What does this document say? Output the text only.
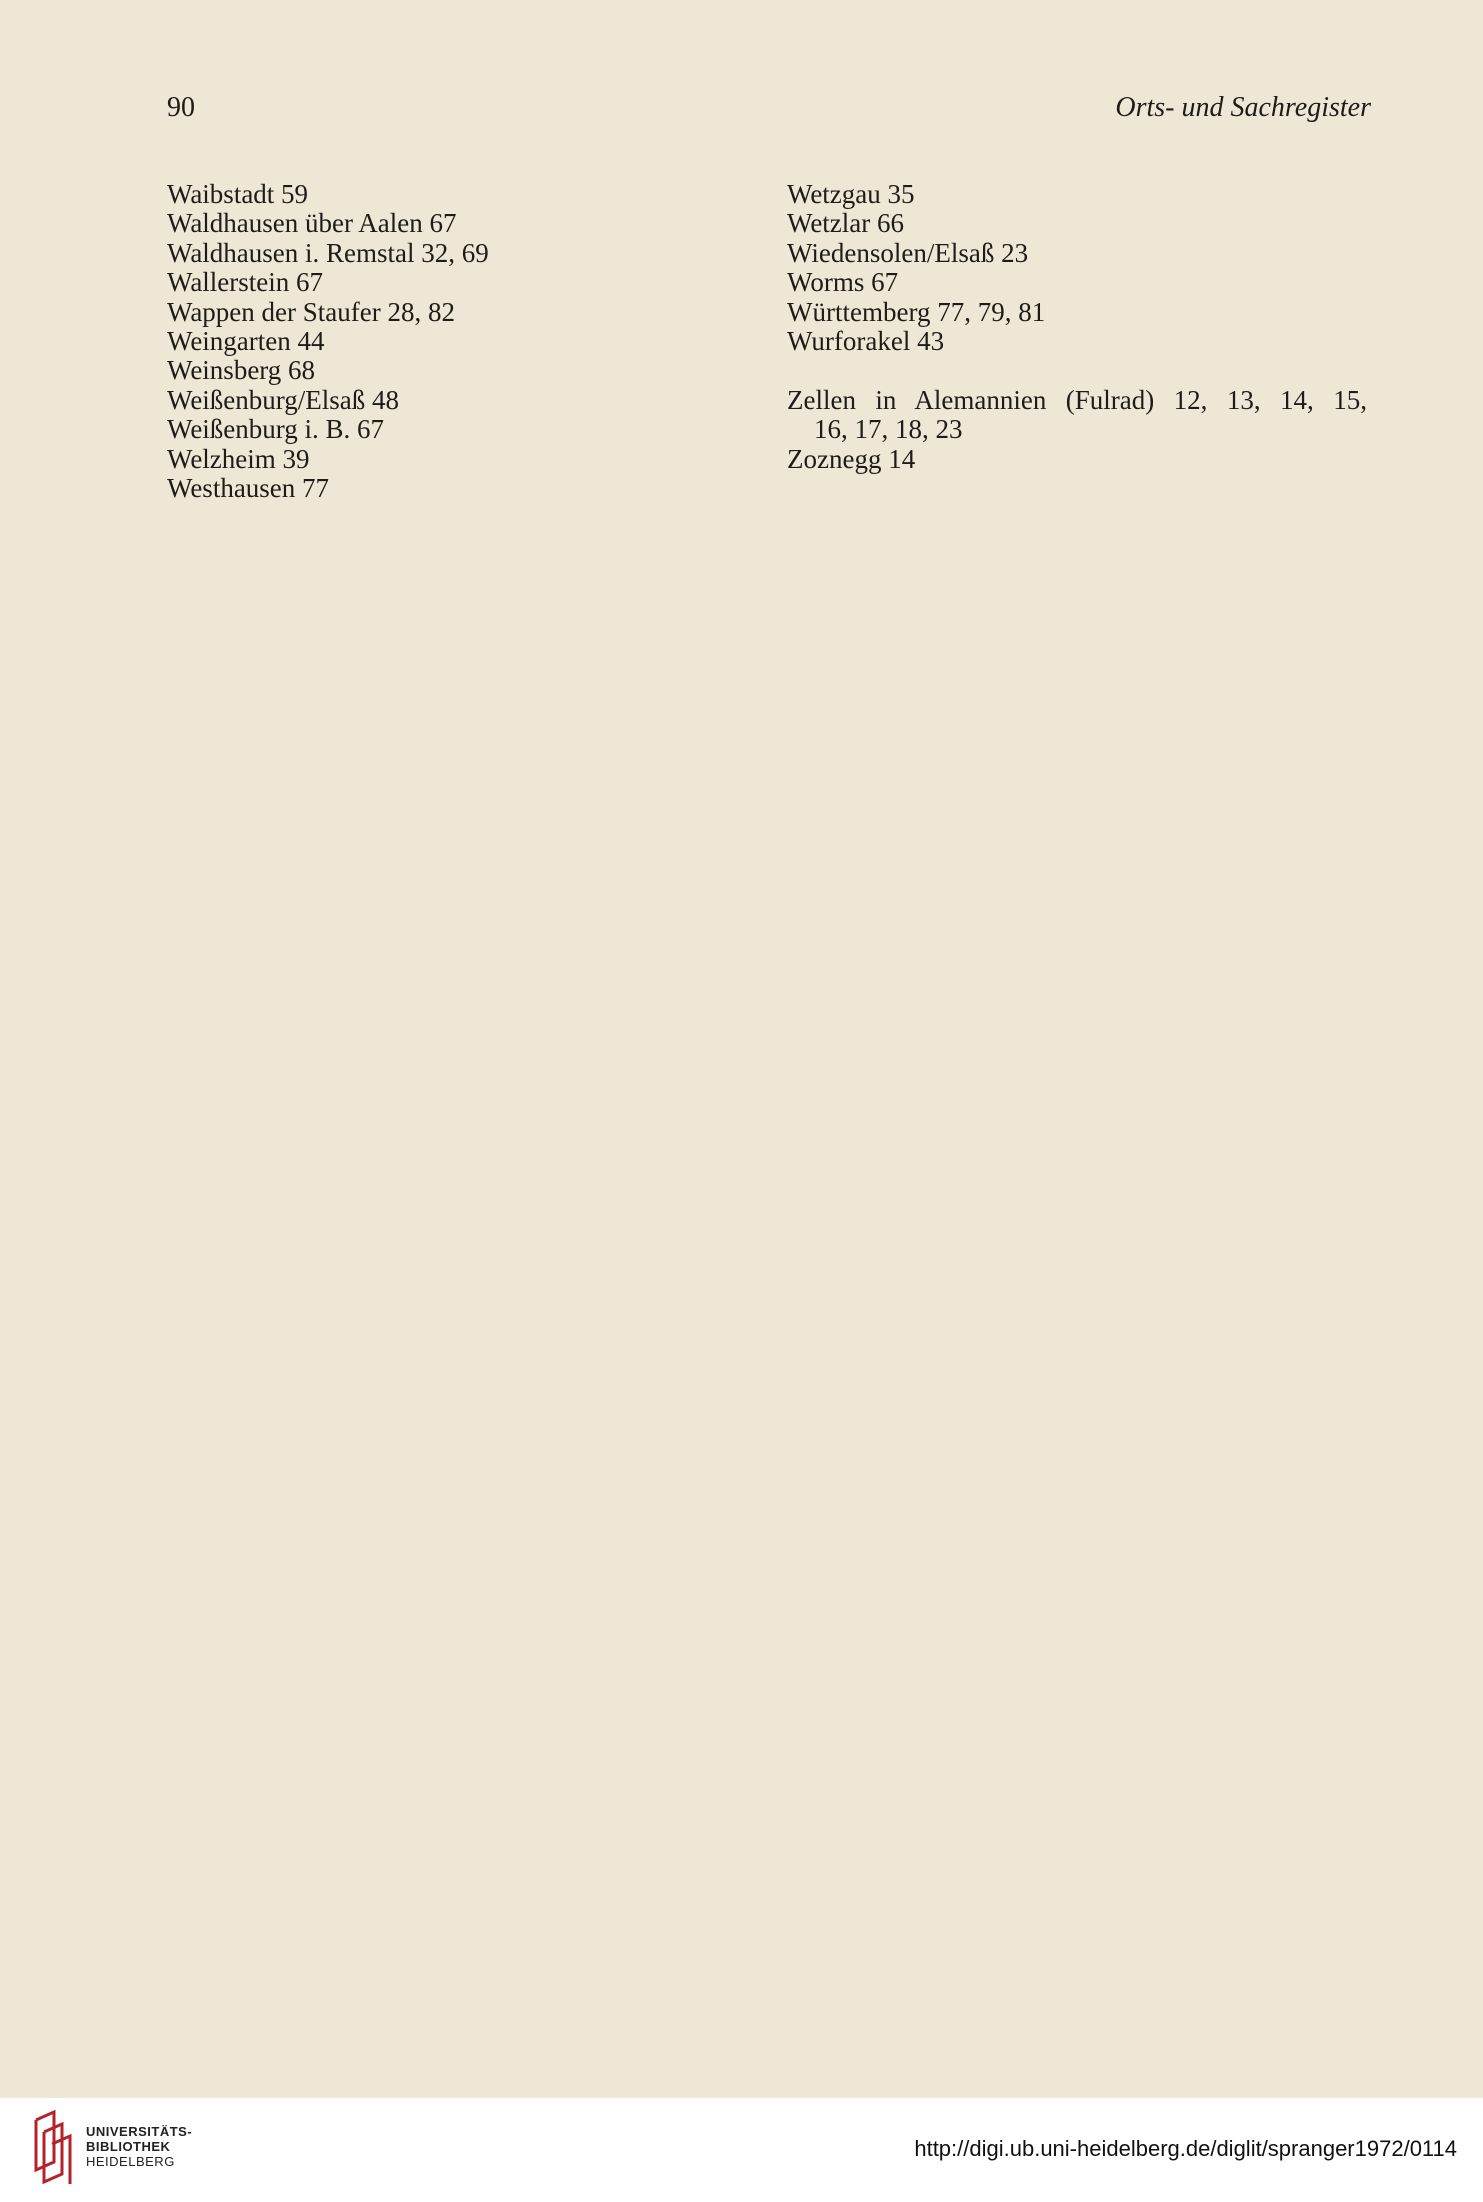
90	Orts- und Sachregister
Waibstadt 59
Waldhausen über Aalen 67
Waldhausen i. Remstal 32, 69
Wallerstein 67
Wappen der Staufer 28, 82
Weingarten 44
Weinsberg 68
Weißenburg/Elsaß 48
Weißenburg i. B. 67
Welzheim 39
Westhausen 77
Wetzgau 35
Wetzlar 66
Wiedensolen/Elsaß 23
Worms 67
Württemberg 77, 79, 81
Wurforakel 43
Zellen in Alemannien (Fulrad) 12, 13, 14, 15,
16, 17, 18, 23
Zoznegg 14
UNIVERSITÄTS-
BIBLIOTHEK
HEIDELBERG
http://digi.ub.uni-heidelberg.de/diglit/spranger1972/0114
